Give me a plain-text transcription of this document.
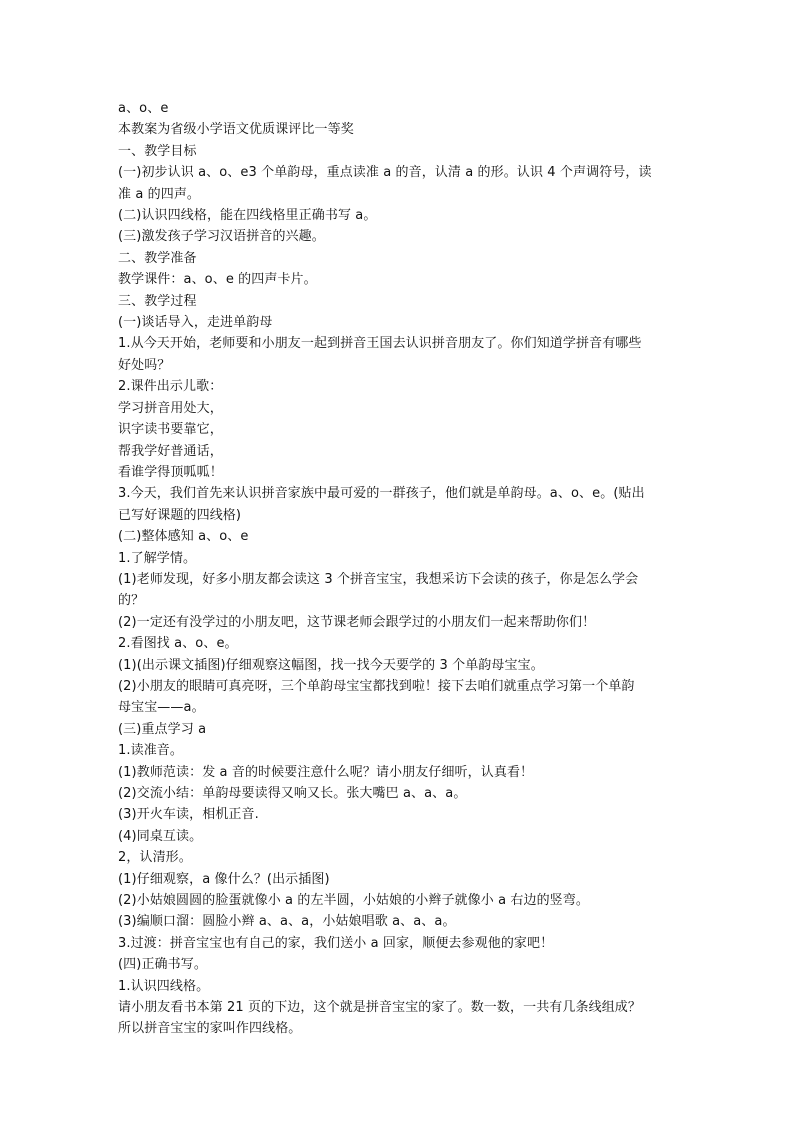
a、o、e
本教案为省级小学语文优质课评比一等奖
一、教学目标
(一)初步认识 a、o、e3 个单韵母，重点读准 a 的音，认清 a 的形。认识 4 个声调符号，读
准 a 的四声。
(二)认识四线格，能在四线格里正确书写 a。
(三)激发孩子学习汉语拼音的兴趣。
二、教学准备
教学课件：a、o、e 的四声卡片。
三、教学过程
(一)谈话导入，走进单韵母
1.从今天开始，老师要和小朋友一起到拼音王国去认识拼音朋友了。你们知道学拼音有哪些
好处吗？
2.课件出示儿歌：
学习拼音用处大，
识字读书要靠它，
帮我学好普通话，
看谁学得顶呱呱！
3.今天，我们首先来认识拼音家族中最可爱的一群孩子，他们就是单韵母。a、o、e。(贴出
已写好课题的四线格)
(二)整体感知 a、o、e
1.了解学情。
(1)老师发现，好多小朋友都会读这 3 个拼音宝宝，我想采访下会读的孩子，你是怎么学会
的？
(2)一定还有没学过的小朋友吧，这节课老师会跟学过的小朋友们一起来帮助你们！
2.看图找 a、o、e。
(1)(出示课文插图)仔细观察这幅图，找一找今天要学的 3 个单韵母宝宝。
(2)小朋友的眼睛可真亮呀，三个单韵母宝宝都找到啦！接下去咱们就重点学习第一个单韵
母宝宝——a。
(三)重点学习 a
1.读准音。
(1)教师范读：发 a 音的时候要注意什么呢？请小朋友仔细听，认真看！
(2)交流小结：单韵母要读得又响又长。张大嘴巴 a、a、a。
(3)开火车读，相机正音.
(4)同桌互读。
2，认清形。
(1)仔细观察，a 像什么？(出示插图)
(2)小姑娘圆圆的脸蛋就像小 a 的左半圆，小姑娘的小辫子就像小 a 右边的竖弯。
(3)编顺口溜：圆脸小辫 a、a、a，小姑娘唱歌 a、a、a。
3.过渡：拼音宝宝也有自己的家，我们送小 a 回家，顺便去参观他的家吧！
(四)正确书写。
1.认识四线格。
请小朋友看书本第 21 页的下边，这个就是拼音宝宝的家了。数一数，一共有几条线组成？
所以拼音宝宝的家叫作四线格。
